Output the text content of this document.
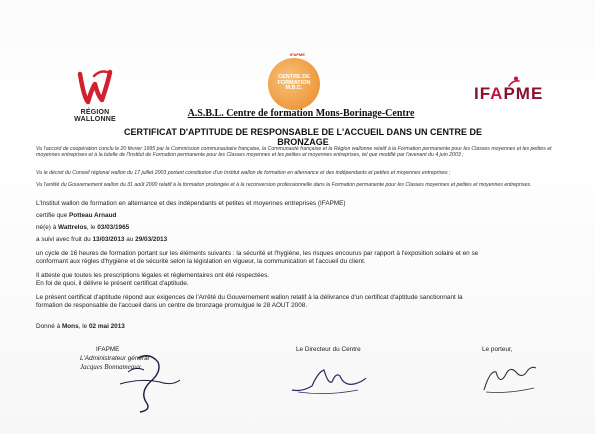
RÉGION WALLONNE
IFAPME
CENTRE DE FORMATION
M.B.C.	IFAPME
A.S.B.L. Centre de formation Mons-Borinage-Centre
CERTIFICAT D'APTITUDE DE RESPONSABLE DE L'ACCUEIL DANS UN CENTRE DE BRONZAGE
Vu l'accord de coopération conclu le 20 février 1995 par la Commission communautaire française, la Communauté française et la Région wallonne relatif à la Formation permanente pour les Classes moyennes et les petites et moyennes entreprises et à la tutelle de l'Institut de Formation permanente pour les Classes moyennes et les petites et moyennes entreprises, tel que modifié par l'avenant du 4 juin 2003 ;
Vu le décret du Conseil régional wallon du 17 juillet 2003 portant constitution d'un Institut wallon de formation en alternance et des indépendants et petites et moyennes entreprises ;
Vu l'arrêté du Gouvernement wallon du 31 août 2000 relatif à la formation prolongée et à la reconversion professionnelle dans la Formation permanente pour les Classes moyennes et petites et moyennes entreprises.
L'Institut wallon de formation en alternance et des indépendants et petites et moyennes entreprises (IFAPME)
certifie que Potteau Arnaud
né(e) à Wattrelos, le 03/03/1965
a suivi avec fruit du 13/03/2013 au 29/03/2013
un cycle de 16 heures de formation portant sur les éléments suivants : la sécurité et l'hygiène, les risques encourus par rapport à l'exposition solaire et en se
conformant aux règles d'hygiène et de sécurité selon la législation en vigueur, la communication et l'accueil du client.
Il atteste que toutes les prescriptions légales et réglementaires ont été respectées.
En foi de quoi, il délivre le présent certificat d'aptitude.
Le présent certificat d'aptitude répond aux exigences de l'Arrêté du Gouvernement wallon relatif à la délivrance d'un certificat d'aptitude sanctionnant la
formation de responsable de l'accueil dans un centre de bronzage promulgué le 28 AOUT 2008.
Donné à Mons, le 02 mai 2013
IFAPME
L'Administrateur général
Jacques Bonnameaux
Le Directeur du Centre	Le porteur,
